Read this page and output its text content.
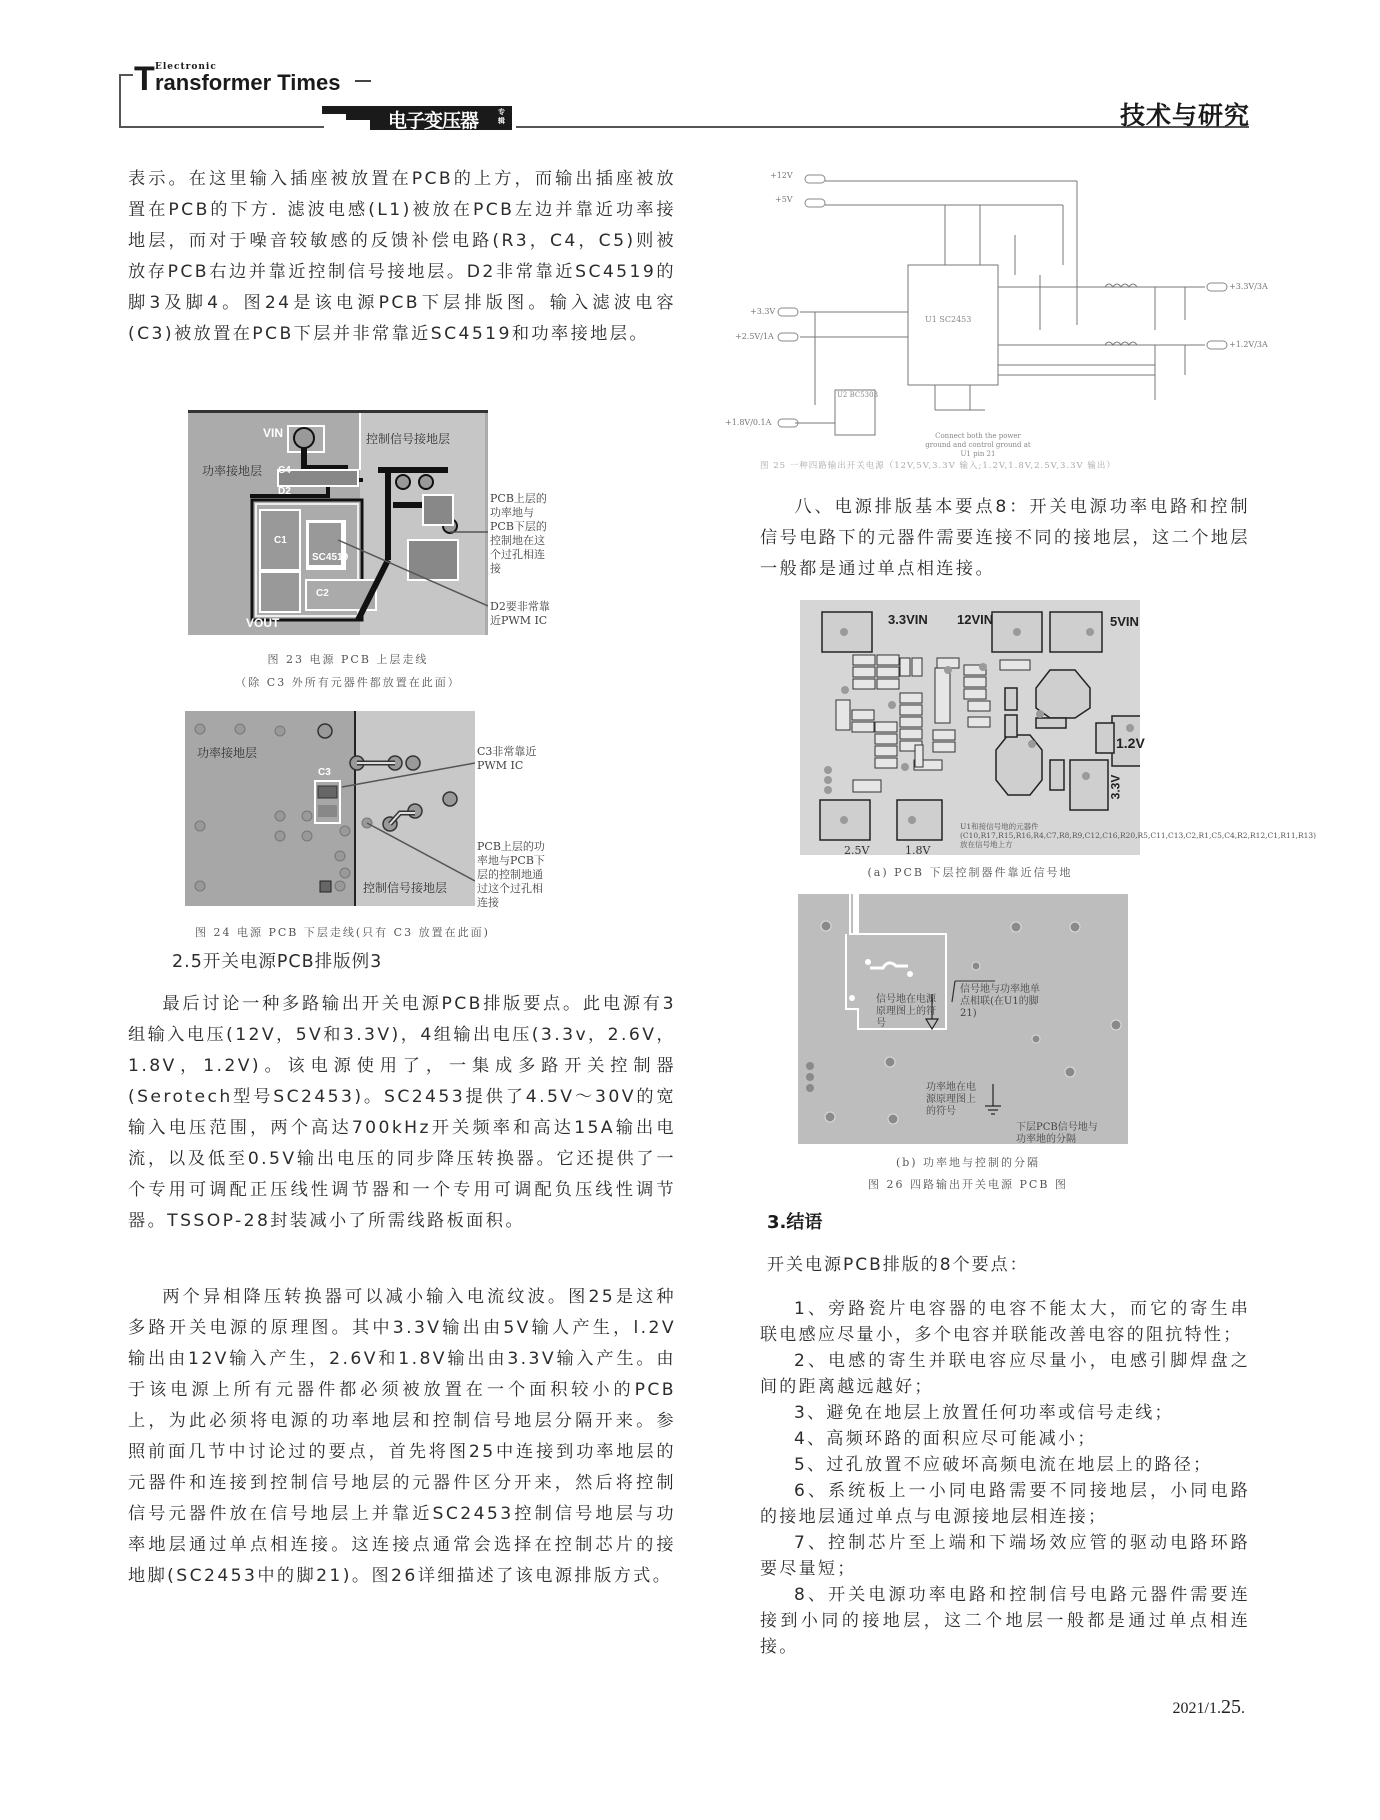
T Electronic
ransformer Times
电子变压器	专辑	技术与研究
表示。在这里输入插座被放置在PCB的上方，而输出插座被放置在PCB的下方. 滤波电感(L1)被放在PCB左边并靠近功率接地层，而对于噪音较敏感的反馈补偿电路(R3，C4，C5)则被放存PCB右边并靠近控制信号接地层。D2非常靠近SC4519的脚3及脚4。图24是该电源PCB下层排版图。输入滤波电容(C3)被放置在PCB下层并非常靠近SC4519和功率接地层。
功率接地层
控制信号接地层
VIN
VOUT
C4
D2
C1
C2
SC4519
PCB上层的功率地与PCB下层的控制地在这个过孔相连接
D2要非常靠近PWM IC
图 23 电源 PCB 上层走线
（除 C3 外所有元器件都放置在此面）
功率接地层
控制信号接地层
C3
C3非常靠近PWM IC
PCB上层的功率地与PCB下层的控制地通过这个过孔相连接
图 24 电源 PCB 下层走线(只有 C3 放置在此面)
2.5开关电源PCB排版例3
最后讨论一种多路输出开关电源PCB排版要点。此电源有3组输入电压(12V，5V和3.3V)，4组输出电压(3.3v，2.6V，1.8V，1.2V)。该电源使用了，一集成多路开关控制器(Serotech型号SC2453)。SC2453提供了4.5V～30V的宽输入电压范围，两个高达700kHz开关频率和高达15A输出电流，以及低至0.5V输出电压的同步降压转换器。它还提供了一个专用可调配正压线性调节器和一个专用可调配负压线性调节器。TSSOP-28封装减小了所需线路板面积。
两个异相降压转换器可以减小输入电流纹波。图25是这种多路开关电源的原理图。其中3.3V输出由5V输人产生，l.2V输出由12V输入产生，2.6V和1.8V输出由3.3V输入产生。由于该电源上所有元器件都必须被放置在一个面积较小的PCB上，为此必须将电源的功率地层和控制信号地层分隔开来。参照前面几节中讨论过的要点，首先将图25中连接到功率地层的元器件和连接到控制信号地层的元器件区分开来，然后将控制信号元器件放在信号地层上并靠近SC2453控制信号地层与功率地层通过单点相连接。这连接点通常会选择在控制芯片的接地脚(SC2453中的脚21)。图26详细描述了该电源排版方式。
+12V
+5V
+3.3V
+2.5V/1A
+1.8V/0.1A
+3.3V/3A
+1.2V/3A
U1 SC2453
U2 BC5303
Connect both the power ground and control ground at U1 pin 21
图 25 一种四路输出开关电源（12V,5V,3.3V 输入;1.2V,1.8V,2.5V,3.3V 输出）
八、电源排版基本要点8：开关电源功率电路和控制信号电路下的元器件需要连接不同的接地层，这二个地层一般都是通过单点相连接。
3.3VIN 12VIN	5VIN
1.2V
3.3V
2.5V	1.8V
U1和接信号地的元器件(C10,R17,R15,R16,R4,C7,R8,R9,C12,C16,R20,R5,C11,C13,C2,R1,C5,C4,R2,R12,C1,R11,R13)放在信号地上方
(a) PCB 下层控制器件靠近信号地
信号地在电源原理图上的符号
信号地与功率地单点相联(在U1的脚21)
功率地在电源原理图上的符号
下层PCB信号地与功率地的分隔
(b) 功率地与控制的分隔
图 26 四路输出开关电源 PCB 图
3.结语
开关电源PCB排版的8个要点：
1、旁路瓷片电容器的电容不能太大，而它的寄生串联电感应尽量小，多个电容并联能改善电容的阻抗特性；
2、电感的寄生并联电容应尽量小，电感引脚焊盘之间的距离越远越好；
3、避免在地层上放置任何功率或信号走线；
4、高频环路的面积应尽可能减小；
5、过孔放置不应破坏高频电流在地层上的路径；
6、系统板上一小同电路需要不同接地层，小同电路的接地层通过单点与电源接地层相连接；
7、控制芯片至上端和下端场效应管的驱动电路环路要尽量短；
8、开关电源功率电路和控制信号电路元器件需要连接到小同的接地层，这二个地层一般都是通过单点相连接。
2021/1.25.
